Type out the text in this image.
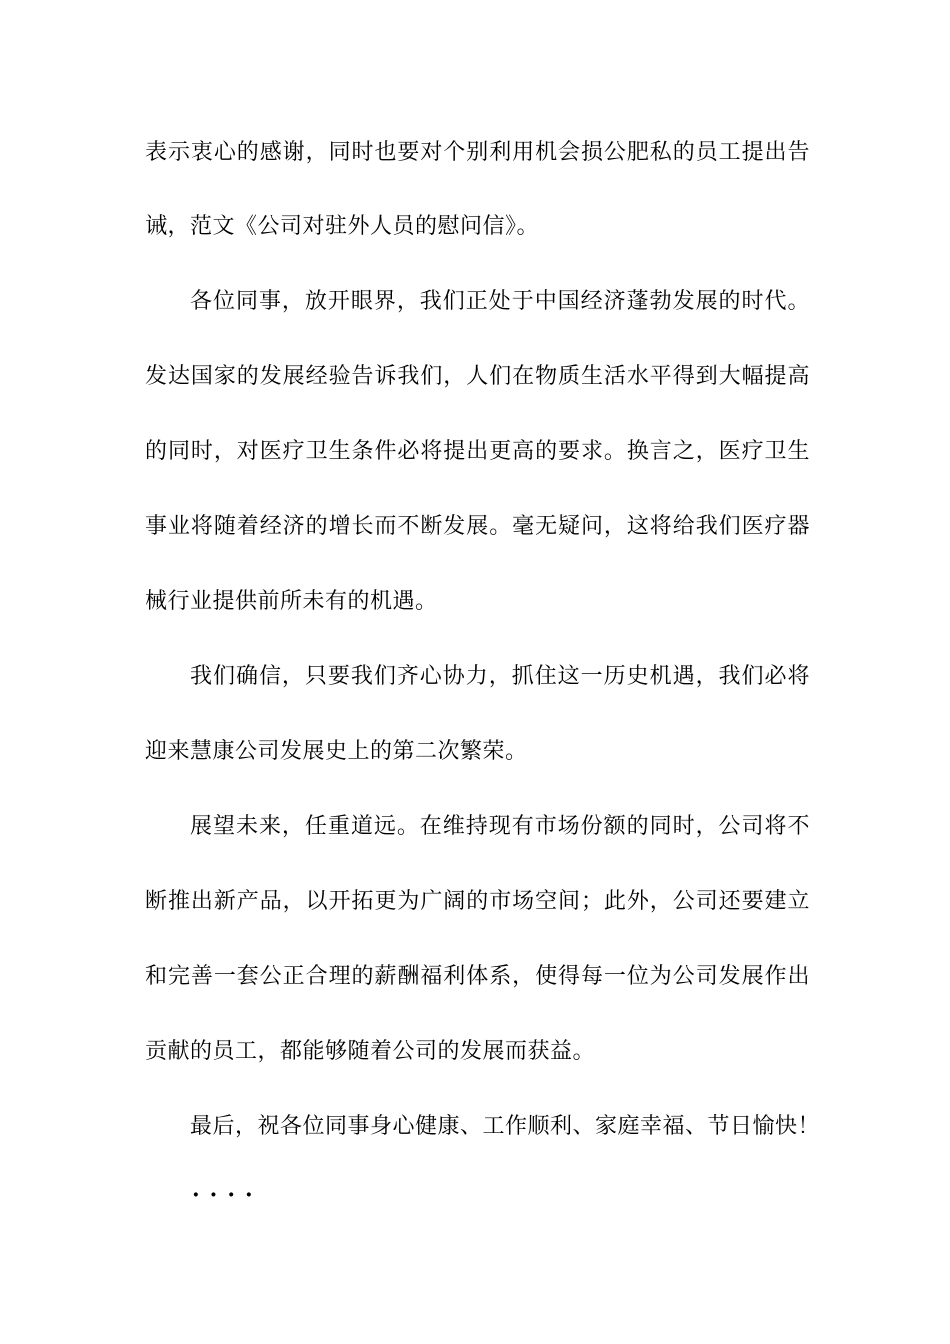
表示衷心的感谢，同时也要对个别利用机会损公肥私的员工提出告
诫，范文《公司对驻外人员的慰问信》。
各位同事，放开眼界，我们正处于中国经济蓬勃发展的时代。
发达国家的发展经验告诉我们，人们在物质生活水平得到大幅提高
的同时，对医疗卫生条件必将提出更高的要求。换言之，医疗卫生
事业将随着经济的增长而不断发展。毫无疑问，这将给我们医疗器
械行业提供前所未有的机遇。
我们确信，只要我们齐心协力，抓住这一历史机遇，我们必将
迎来慧康公司发展史上的第二次繁荣。
展望未来，任重道远。在维持现有市场份额的同时，公司将不
断推出新产品，以开拓更为广阔的市场空间；此外，公司还要建立
和完善一套公正合理的薪酬福利体系，使得每一位为公司发展作出
贡献的员工，都能够随着公司的发展而获益。
最后，祝各位同事身心健康、工作顺利、家庭幸福、节日愉快！
····
